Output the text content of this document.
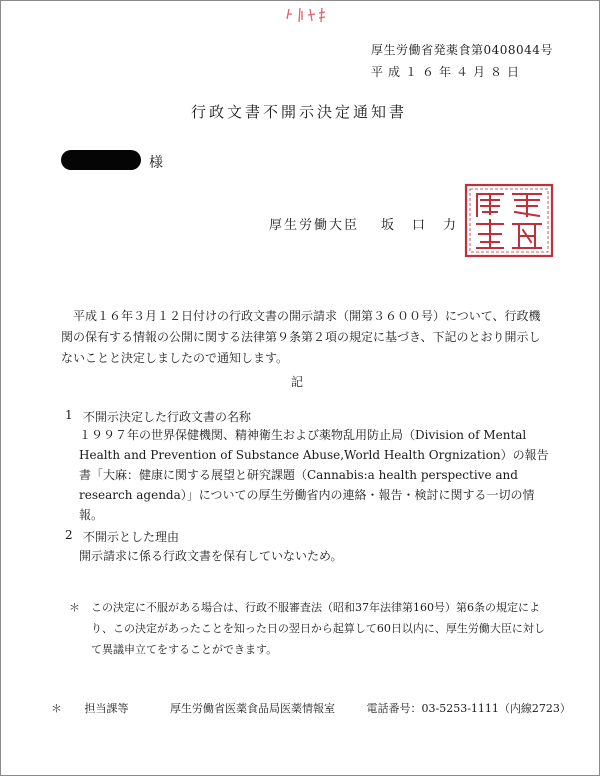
厚生労働省発薬食第0408044号
平成１６年４月８日
行政文書不開示決定通知書
様
厚生労働大臣 坂口力

平成１６年３月１２日付けの行政文書の開示請求（開第３６００号）について、行政機関の保有する情報の公開に関する法律第９条第２項の規定に基づき、下記のとおり開示しないことと決定しましたので通知します。

記
1 不開示決定した行政文書の名称

１９９７年の世界保健機関、精神衛生および薬物乱用防止局（Division of Mental Health and Prevention of Substance Abuse,World Health Orgnization）の報告書「大麻：健康に関する展望と研究課題（Cannabis:a health perspective and research agenda）」についての厚生労働省内の連絡・報告・検討に関する一切の情報。

2 不開示とした理由

開示請求に係る行政文書を保有していないため。

＊	この決定に不服がある場合は、行政不服審査法（昭和37年法律第160号）第6条の規定により、この決定があったことを知った日の翌日から起算して60日以内に、厚生労働大臣に対して異議申立てをすることができます。
＊ 担当課等	厚生労働省医薬食品局医薬情報室	電話番号：03-5253-1111（内線2723）
